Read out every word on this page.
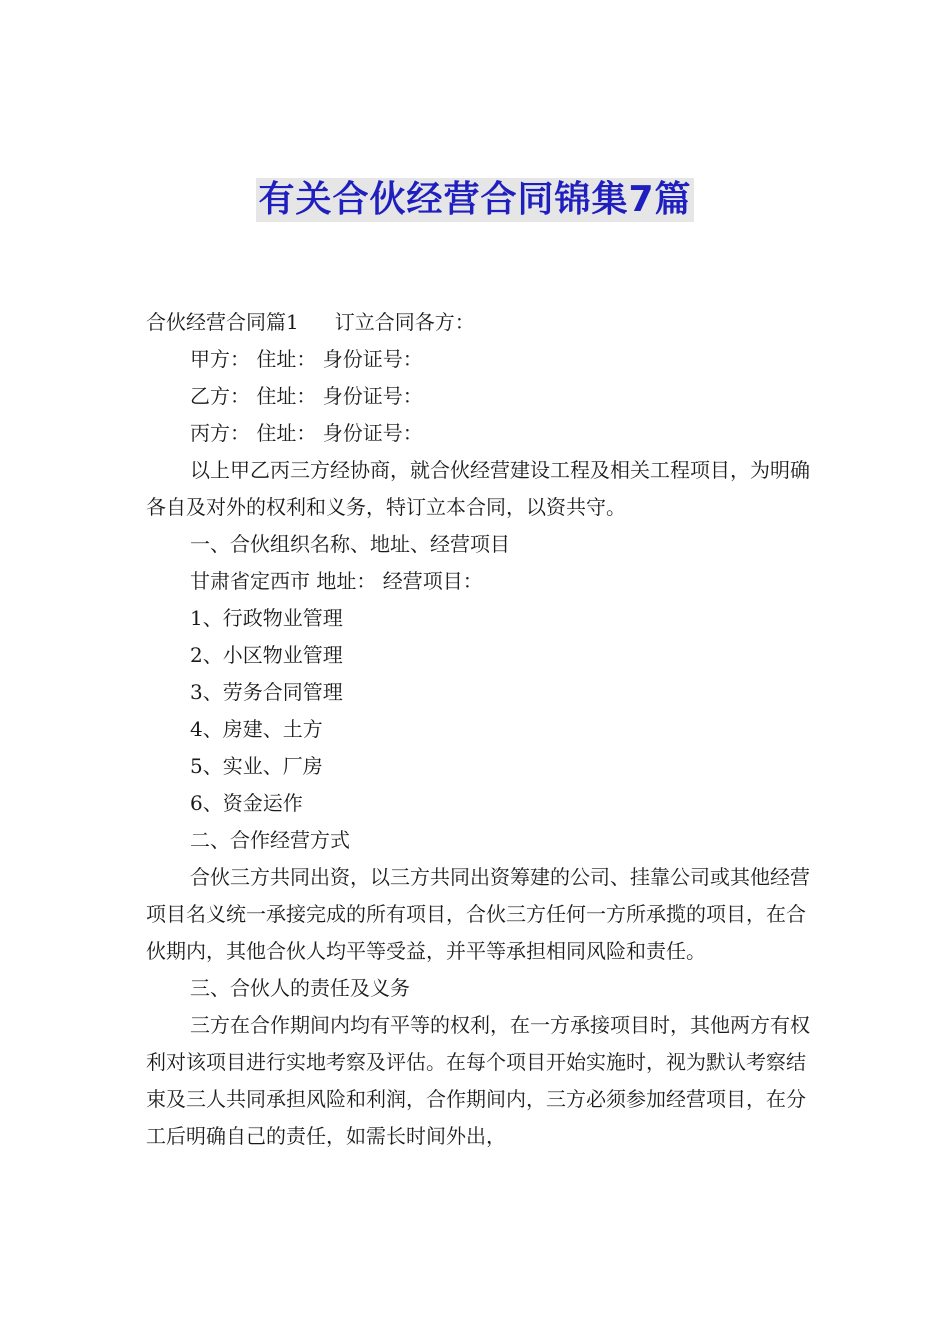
有关合伙经营合同锦集7篇

合伙经营合同篇1 订立合同各方：

甲方： 住址： 身份证号：

乙方： 住址： 身份证号：

丙方： 住址： 身份证号：

以上甲乙丙三方经协商，就合伙经营建设工程及相关工程项目，为明确各自及对外的权利和义务，特订立本合同，以资共守。

一、合伙组织名称、地址、经营项目

甘肃省定西市 地址： 经营项目：

1、行政物业管理

2、小区物业管理

3、劳务合同管理

4、房建、土方

5、实业、厂房

6、资金运作

二、合作经营方式

合伙三方共同出资，以三方共同出资筹建的公司、挂靠公司或其他经营项目名义统一承接完成的所有项目，合伙三方任何一方所承揽的项目，在合伙期内，其他合伙人均平等受益，并平等承担相同风险和责任。

三、合伙人的责任及义务

三方在合作期间内均有平等的权利，在一方承接项目时，其他两方有权利对该项目进行实地考察及评估。在每个项目开始实施时，视为默认考察结束及三人共同承担风险和利润，合作期间内，三方必须参加经营项目，在分工后明确自己的责任，如需长时间外出，
